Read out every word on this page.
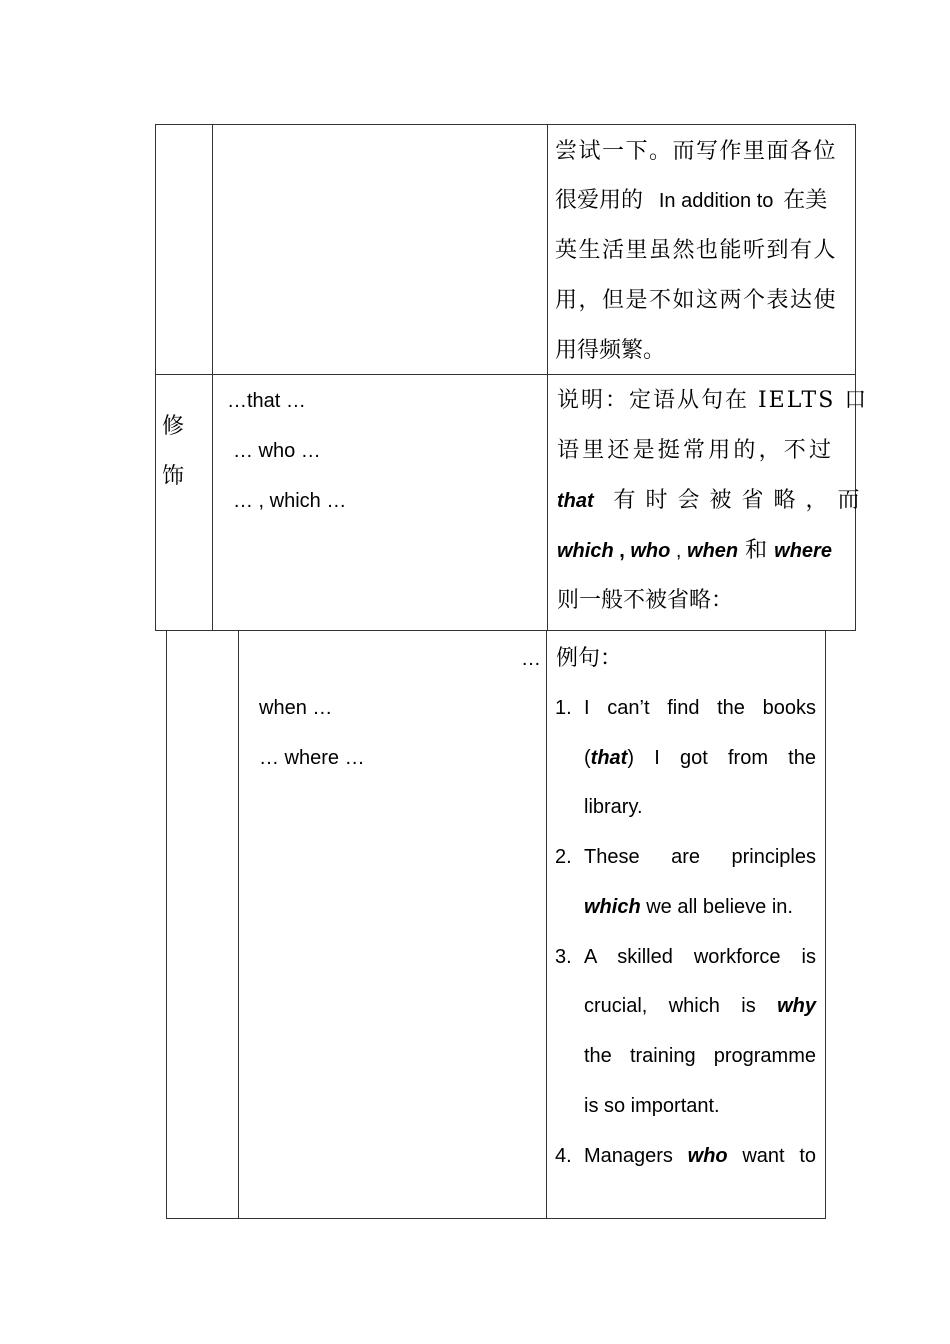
尝试一下。而写作里面各位
很爱用的 In addition to 在美
英生活里虽然也能听到有人
用，但是不如这两个表达使
用得频繁。
修
饰
…that …
… who …
… , which …
说明：定语从句在 IELTS 口
语里还是挺常用的，不过
that 有时会被省略，而
which , who , when 和 where
则一般不被省略：
…
when …
… where …
例句：
1. I can’t find the books
(that) I got from the
library.
2. These are principles
which we all believe in.
3. A skilled workforce is
crucial, which is why
the training programme
is so important.
4. Managers who want to
